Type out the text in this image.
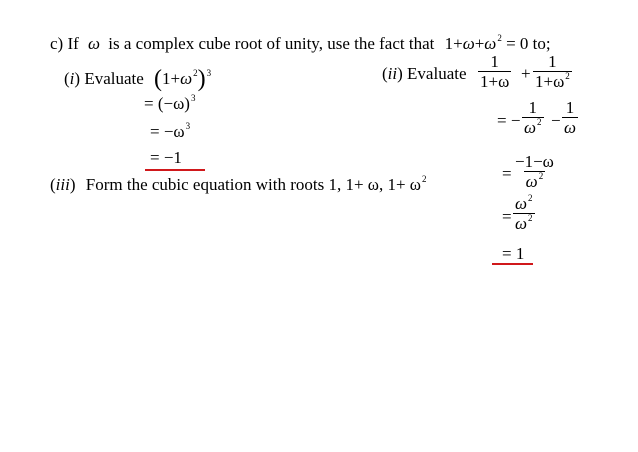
c) If ω is a complex cube root of unity, use the fact that $1+\omega+\omega^2 = 0$ to;
(i) Evaluate $(1+\omega^2)^3$
= $(-\omega)^3$
= $-\omega^3$
= −1
(iii) Form the cubic equation with roots 1, 1+ ω, $1+ \omega^2$
(ii) Evaluate $\frac{1}{1+\omega} + \frac{1}{1+\omega^2}$
= − $\frac{1}{\omega^2} - \frac{1}{\omega}$
= $\frac{-1-\omega}{\omega^2}$
= $\frac{\omega^2}{\omega^2}$
= 1
